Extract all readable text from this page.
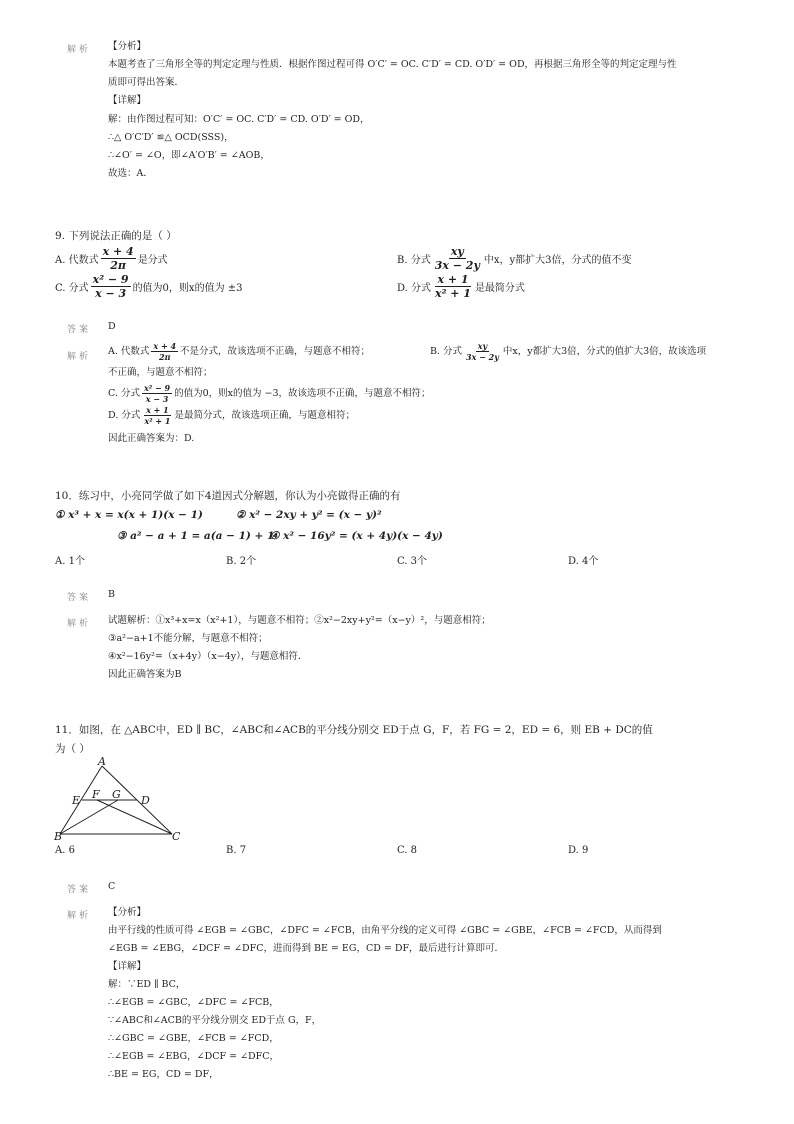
解析 【分析】
本题考查了三角形全等的判定定理与性质．根据作图过程可得 O′C′ = OC. C′D′ = CD. O′D′ = OD，再根据三角形全等的判定定理与性
质即可得出答案．
【详解】
解：由作图过程可知：O′C′ = OC. C′D′ = CD. O′D′ = OD，
∴△ O′C′D′ ≌△ OCD(SSS)，
∴∠O′ = ∠O，即∠A′O′B′ = ∠AOB，
故选：A．
9. 下列说法正确的是（ ）
A. 代数式 $\frac{x + 4}{2\pi}$ 是分式	B. 分式 $\frac{xy}{3x - 2y}$ 中x，y都扩大3倍，分式的值不变
C. 分式 $\frac{\text{x² − 9}}{x - 3}$ 的值为0，则x的值为 ±3	D. 分式 $\frac{x + 1}{\text{x² + 1}}$ 是最简分式
答案 D
解析
A. 代数式 $\frac{x + 4}{2\pi}$ 不是分式，故该选项不正确，与题意不相符；	B. 分式 $\frac{xy}{3x - 2y}$ 中x，y都扩大3倍，分式的值扩大3倍，故该选项
不正确，与题意不相符；
C. 分式 $\frac{\text{x² − 9}}{x - 3}$ 的值为0，则x的值为 −3，故该选项不正确，与题意不相符；
D. 分式 $\frac{x + 1}{\text{x² + 1}}$ 是最简分式，故该选项正确，与题意相符；
因此正确答案为：D.
10．练习中，小亮同学做了如下4道因式分解题，你认为小亮做得正确的有
① x³ + x = x(x + 1)(x − 1)	② x² − 2xy + y² = (x − y)²
③ a² − a + 1 = a(a − 1) + 1
④ x² − 16y² = (x + 4y)(x − 4y)
A. 1个	B. 2个	C. 3个	D. 4个
答案 B
解析 试题解析：①x³+x=x（x²+1），与题意不相符；②x²−2xy+y²=（x−y）²，与题意相符；
③a²−a+1不能分解，与题意不相符；
④x²−16y²=（x+4y）（x−4y），与题意相符．
因此正确答案为B
11．如图，在 △ABC中，ED ∥ BC，∠ABC和∠ACB的平分线分别交 ED于点 G，F，若 FG = 2，ED = 6，则 EB + DC的值
为（ ）
A
E F G D
B	C
A. 6	B. 7	C. 8	D. 9
答案 C
解析 【分析】
由平行线的性质可得 ∠EGB = ∠GBC，∠DFC = ∠FCB，由角平分线的定义可得 ∠GBC = ∠GBE，∠FCB = ∠FCD，从而得到
∠EGB = ∠EBG，∠DCF = ∠DFC，进而得到 BE = EG，CD = DF，最后进行计算即可．
【详解】
解：∵ED ∥ BC，
∴∠EGB = ∠GBC，∠DFC = ∠FCB，
∵∠ABC和∠ACB的平分线分别交 ED于点 G，F，
∴∠GBC = ∠GBE，∠FCB = ∠FCD，
∴∠EGB = ∠EBG，∠DCF = ∠DFC，
∴BE = EG，CD = DF，
